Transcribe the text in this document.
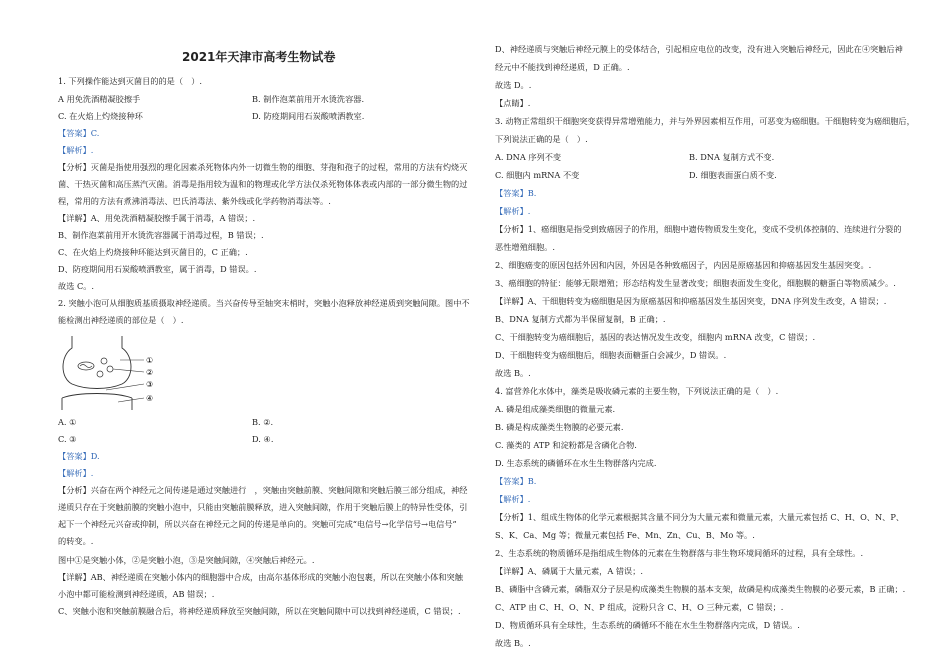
2021年天津市高考生物试卷
1. 下列操作能达到灭菌目的的是（　）.
A 用免洗酒精凝胶擦手	B. 制作泡菜前用开水烫洗容器.
C. 在火焰上灼烧接种环	D. 防疫期间用石炭酸喷洒教室.
【答案】C.
【解析】.
【分析】灭菌是指使用强烈的理化因素杀死物体内外一切微生物的细胞、芽孢和孢子的过程，常用的方法有灼烧灭
菌、干热灭菌和高压蒸汽灭菌。消毒是指用较为温和的物理或化学方法仅杀死物体体表或内部的一部分微生物的过
程，常用的方法有煮沸消毒法、巴氏消毒法、紫外线或化学药物消毒法等。.
【详解】A、用免洗酒精凝胶擦手属于消毒，A 错误；.
B、制作泡菜前用开水烫洗容器属于消毒过程，B 错误；.
C、在火焰上灼烧接种环能达到灭菌目的，C 正确；.
D、防疫期间用石炭酸喷洒教室，属于消毒，D 错误。.
故选 C。.
2. 突触小泡可从细胞质基质摄取神经递质。当兴奋传导至轴突末梢时，突触小泡释放神经递质到突触间隙。图中不
能检测出神经递质的部位是（　）.
①
②
③
④
A. ①	B. ②.
C. ③	D. ④.
【答案】D.
【解析】.
【分析】兴奋在两个神经元之间传递是通过突触进行　，突触由突触前膜、突触间隙和突触后膜三部分组成，神经
递质只存在于突触前膜的突触小泡中，只能由突触前膜释放，进入突触间隙，作用于突触后膜上的特异性受体，引
起下一个神经元兴奋或抑制，所以兴奋在神经元之间的传递是单向的。突触可完成“电信号→化学信号→电信号”
的转变。.
图中①是突触小体，②是突触小泡，③是突触间隙，④突触后神经元。.
【详解】AB、神经递质在突触小体内的细胞器中合成，由高尔基体形成的突触小泡包裹，所以在突触小体和突触
小泡中都可能检测到神经递质，AB 错误；.
C、突触小泡和突触前膜融合后，将神经递质释放至突触间隙，所以在突触间隙中可以找到神经递质，C 错误；.
D、神经递质与突触后神经元膜上的受体结合，引起相应电位的改变，没有进入突触后神经元，因此在④突触后神
经元中不能找到神经递质，D 正确。.
故选 D。.
【点睛】.
3. 动物正常组织干细胞突变获得异常增殖能力，并与外界因素相互作用，可恶变为癌细胞。干细胞转变为癌细胞后，
下列说法正确的是（　）.
A. DNA 序列不变	B. DNA 复制方式不变.
C. 细胞内 mRNA 不变	D. 细胞表面蛋白质不变.
【答案】B.
【解析】.
【分析】1、癌细胞是指受到致癌因子的作用，细胞中遗传物质发生变化，变成不受机体控制的、连续进行分裂的
恶性增殖细胞。.
2、细胞癌变的原因包括外因和内因，外因是各种致癌因子，内因是原癌基因和抑癌基因发生基因突变。.
3、癌细胞的特征：能够无限增殖；形态结构发生显著改变；细胞表面发生变化，细胞膜的糖蛋白等物质减少。.
【详解】A、干细胞转变为癌细胞是因为原癌基因和抑癌基因发生基因突变，DNA 序列发生改变，A 错误；.
B、DNA 复制方式都为半保留复制，B 正确；.
C、干细胞转变为癌细胞后，基因的表达情况发生改变，细胞内 mRNA 改变，C 错误；.
D、干细胞转变为癌细胞后，细胞表面糖蛋白会减少，D 错误。.
故选 B。.
4. 富营养化水体中，藻类是吸收磷元素的主要生物，下列说法正确的是（　）.
A. 磷是组成藻类细胞的微量元素.
B. 磷是构成藻类生物膜的必要元素.
C. 藻类的 ATP 和淀粉都是含磷化合物.
D. 生态系统的磷循环在水生生物群落内完成.
【答案】B.
【解析】.
【分析】1、组成生物体的化学元素根据其含量不同分为大量元素和微量元素，大量元素包括 C、H、O、N、P、
S、K、Ca、Mg 等；微量元素包括 Fe、Mn、Zn、Cu、B、Mo 等。.
2、生态系统的物质循环是指组成生物体的元素在生物群落与非生物环境间循环的过程，具有全球性。.
【详解】A、磷属于大量元素，A 错误；.
B、磷脂中含磷元素，磷脂双分子层是构成藻类生物膜的基本支架，故磷是构成藻类生物膜的必要元素，B 正确；.
C、ATP 由 C、H、O、N、P 组成，淀粉只含 C、H、O 三种元素，C 错误；.
D、物质循环具有全球性，生态系统的磷循环不能在水生生物群落内完成，D 错误。.
故选 B。.
